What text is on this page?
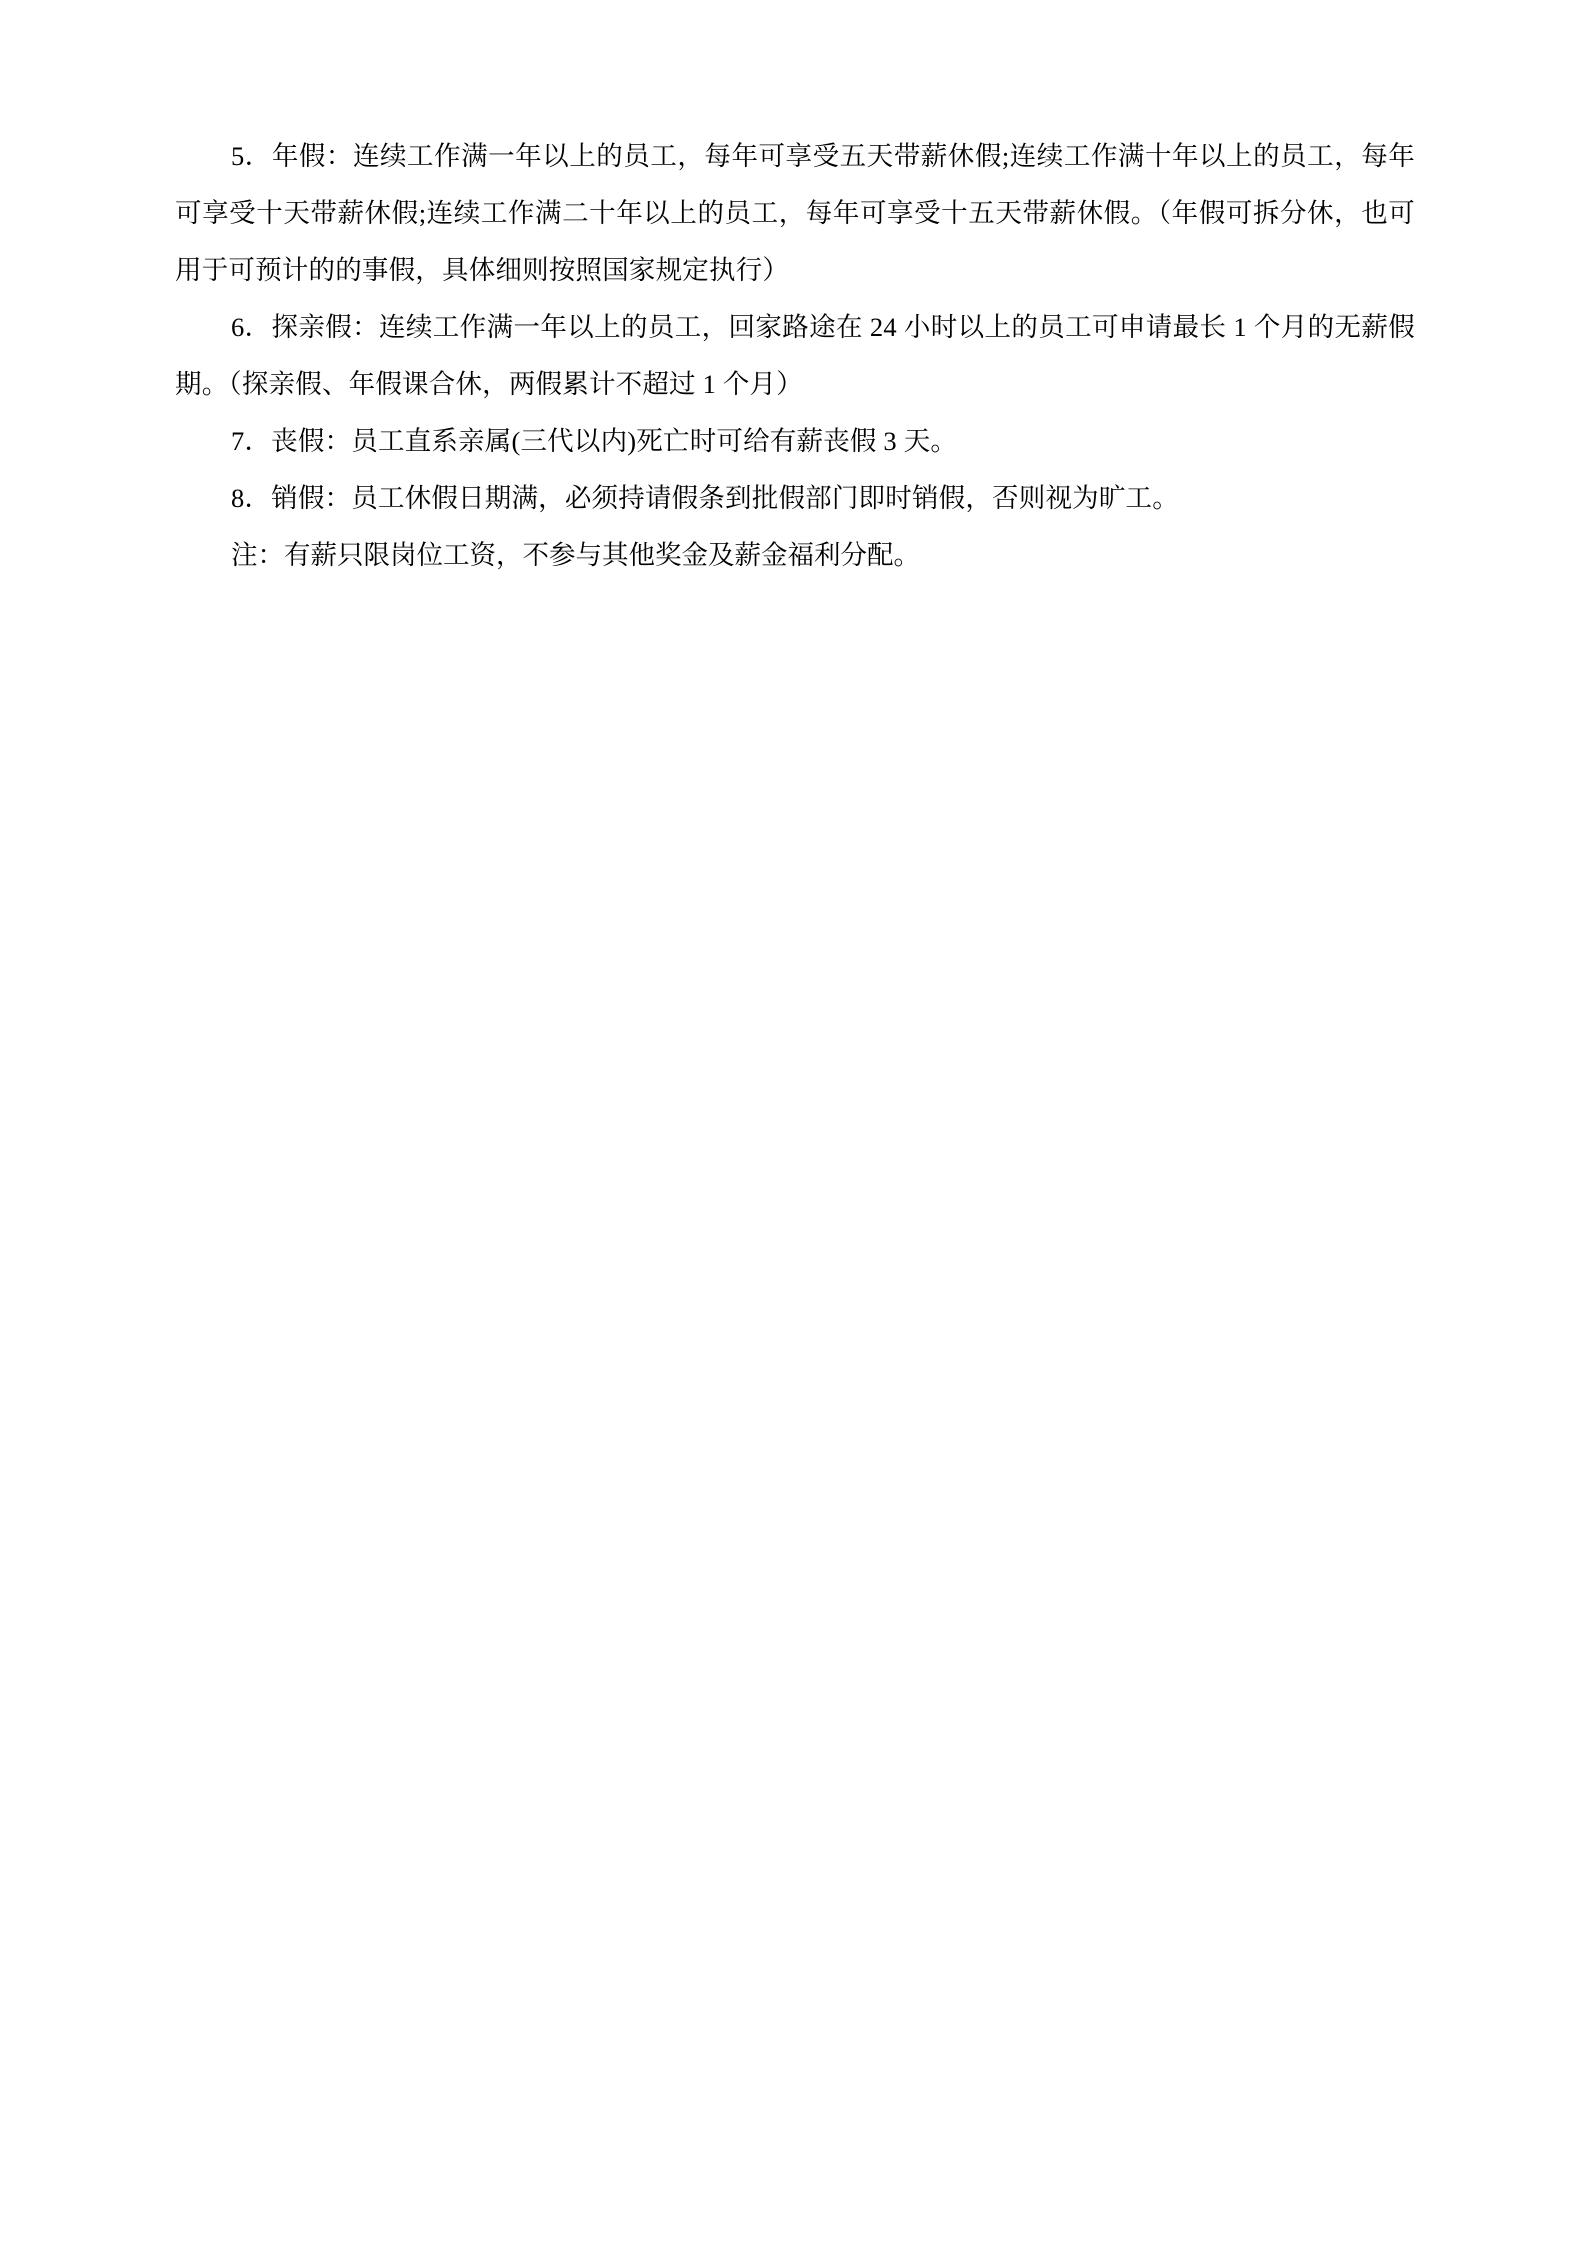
5．年假：连续工作满一年以上的员工，每年可享受五天带薪休假;连续工作满十年以上的员工，每年可享受十天带薪休假;连续工作满二十年以上的员工，每年可享受十五天带薪休假。（年假可拆分休，也可用于可预计的的事假，具体细则按照国家规定执行）

6．探亲假：连续工作满一年以上的员工，回家路途在 24 小时以上的员工可申请最长 1 个月的无薪假期。（探亲假、年假课合休，两假累计不超过 1 个月）

7．丧假：员工直系亲属(三代以内)死亡时可给有薪丧假 3 天。

8．销假：员工休假日期满，必须持请假条到批假部门即时销假，否则视为旷工。

注：有薪只限岗位工资，不参与其他奖金及薪金福利分配。
